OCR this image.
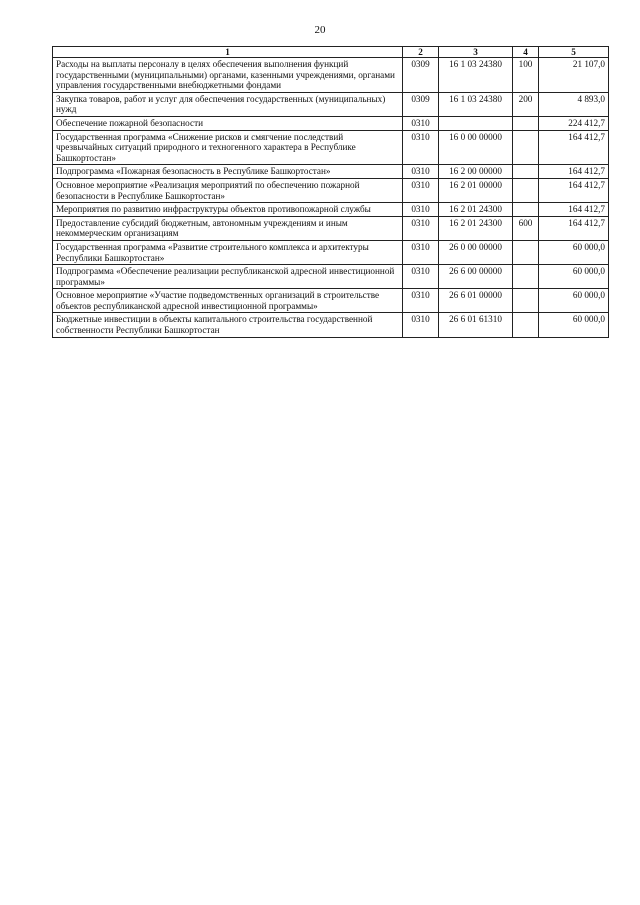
20
1	2	3	4	5
Расходы на выплаты персоналу в целях обеспечения выполнения функций государственными (муниципальными) органами, казенными учреждениями, органами управления государственными внебюджетными фондами	0309	16 1 03 24380	100	21 107,0
Закупка товаров, работ и услуг для обеспечения государственных (муниципальных) нужд	0309	16 1 03 24380	200	4 893,0
Обеспечение пожарной безопасности	0310			224 412,7
Государственная программа «Снижение рисков и смягчение последствий чрезвычайных ситуаций природного и техногенного характера в Республике Башкортостан»	0310	16 0 00 00000		164 412,7
Подпрограмма «Пожарная безопасность в Республике Башкортостан»	0310	16 2 00 00000		164 412,7
Основное мероприятие «Реализация мероприятий по обеспечению пожарной безопасности в Республике Башкортостан»	0310	16 2 01 00000		164 412,7
Мероприятия по развитию инфраструктуры объектов противопожарной службы	0310	16 2 01 24300		164 412,7
Предоставление субсидий бюджетным, автономным учреждениям и иным некоммерческим организациям	0310	16 2 01 24300	600	164 412,7
Государственная программа «Развитие строительного комплекса и архитектуры Республики Башкортостан»	0310	26 0 00 00000		60 000,0
Подпрограмма «Обеспечение реализации республиканской адресной инвестиционной программы»	0310	26 6 00 00000		60 000,0
Основное мероприятие «Участие подведомственных организаций в строительстве объектов республиканской адресной инвестиционной программы»	0310	26 6 01 00000		60 000,0
Бюджетные инвестиции в объекты капитального строительства государственной собственности Республики Башкортостан	0310	26 6 01 61310		60 000,0
